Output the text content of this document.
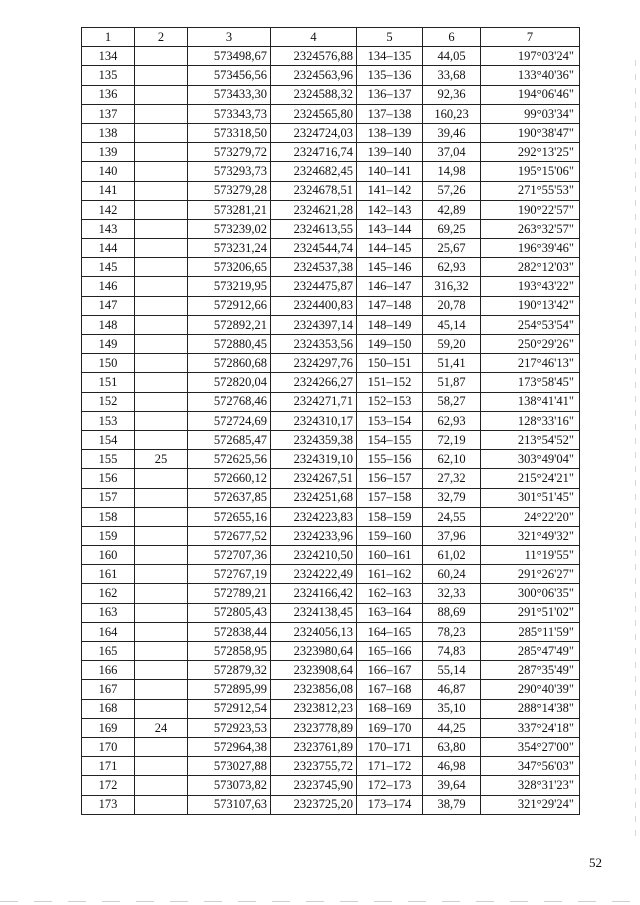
1	2	3	4	5	6	7
134		573498,67	2324576,88	134–135	44,05	197°03'24"
135		573456,56	2324563,96	135–136	33,68	133°40'36"
136		573433,30	2324588,32	136–137	92,36	194°06'46"
137		573343,73	2324565,80	137–138	160,23	99°03'34"
138		573318,50	2324724,03	138–139	39,46	190°38'47"
139		573279,72	2324716,74	139–140	37,04	292°13'25"
140		573293,73	2324682,45	140–141	14,98	195°15'06"
141		573279,28	2324678,51	141–142	57,26	271°55'53"
142		573281,21	2324621,28	142–143	42,89	190°22'57"
143		573239,02	2324613,55	143–144	69,25	263°32'57"
144		573231,24	2324544,74	144–145	25,67	196°39'46"
145		573206,65	2324537,38	145–146	62,93	282°12'03"
146		573219,95	2324475,87	146–147	316,32	193°43'22"
147		572912,66	2324400,83	147–148	20,78	190°13'42"
148		572892,21	2324397,14	148–149	45,14	254°53'54"
149		572880,45	2324353,56	149–150	59,20	250°29'26"
150		572860,68	2324297,76	150–151	51,41	217°46'13"
151		572820,04	2324266,27	151–152	51,87	173°58'45"
152		572768,46	2324271,71	152–153	58,27	138°41'41"
153		572724,69	2324310,17	153–154	62,93	128°33'16"
154		572685,47	2324359,38	154–155	72,19	213°54'52"
155	25	572625,56	2324319,10	155–156	62,10	303°49'04"
156		572660,12	2324267,51	156–157	27,32	215°24'21"
157		572637,85	2324251,68	157–158	32,79	301°51'45"
158		572655,16	2324223,83	158–159	24,55	24°22'20"
159		572677,52	2324233,96	159–160	37,96	321°49'32"
160		572707,36	2324210,50	160–161	61,02	11°19'55"
161		572767,19	2324222,49	161–162	60,24	291°26'27"
162		572789,21	2324166,42	162–163	32,33	300°06'35"
163		572805,43	2324138,45	163–164	88,69	291°51'02"
164		572838,44	2324056,13	164–165	78,23	285°11'59"
165		572858,95	2323980,64	165–166	74,83	285°47'49"
166		572879,32	2323908,64	166–167	55,14	287°35'49"
167		572895,99	2323856,08	167–168	46,87	290°40'39"
168		572912,54	2323812,23	168–169	35,10	288°14'38"
169	24	572923,53	2323778,89	169–170	44,25	337°24'18"
170		572964,38	2323761,89	170–171	63,80	354°27'00"
171		573027,88	2323755,72	171–172	46,98	347°56'03"
172		573073,82	2323745,90	172–173	39,64	328°31'23"
173		573107,63	2323725,20	173–174	38,79	321°29'24"
52
